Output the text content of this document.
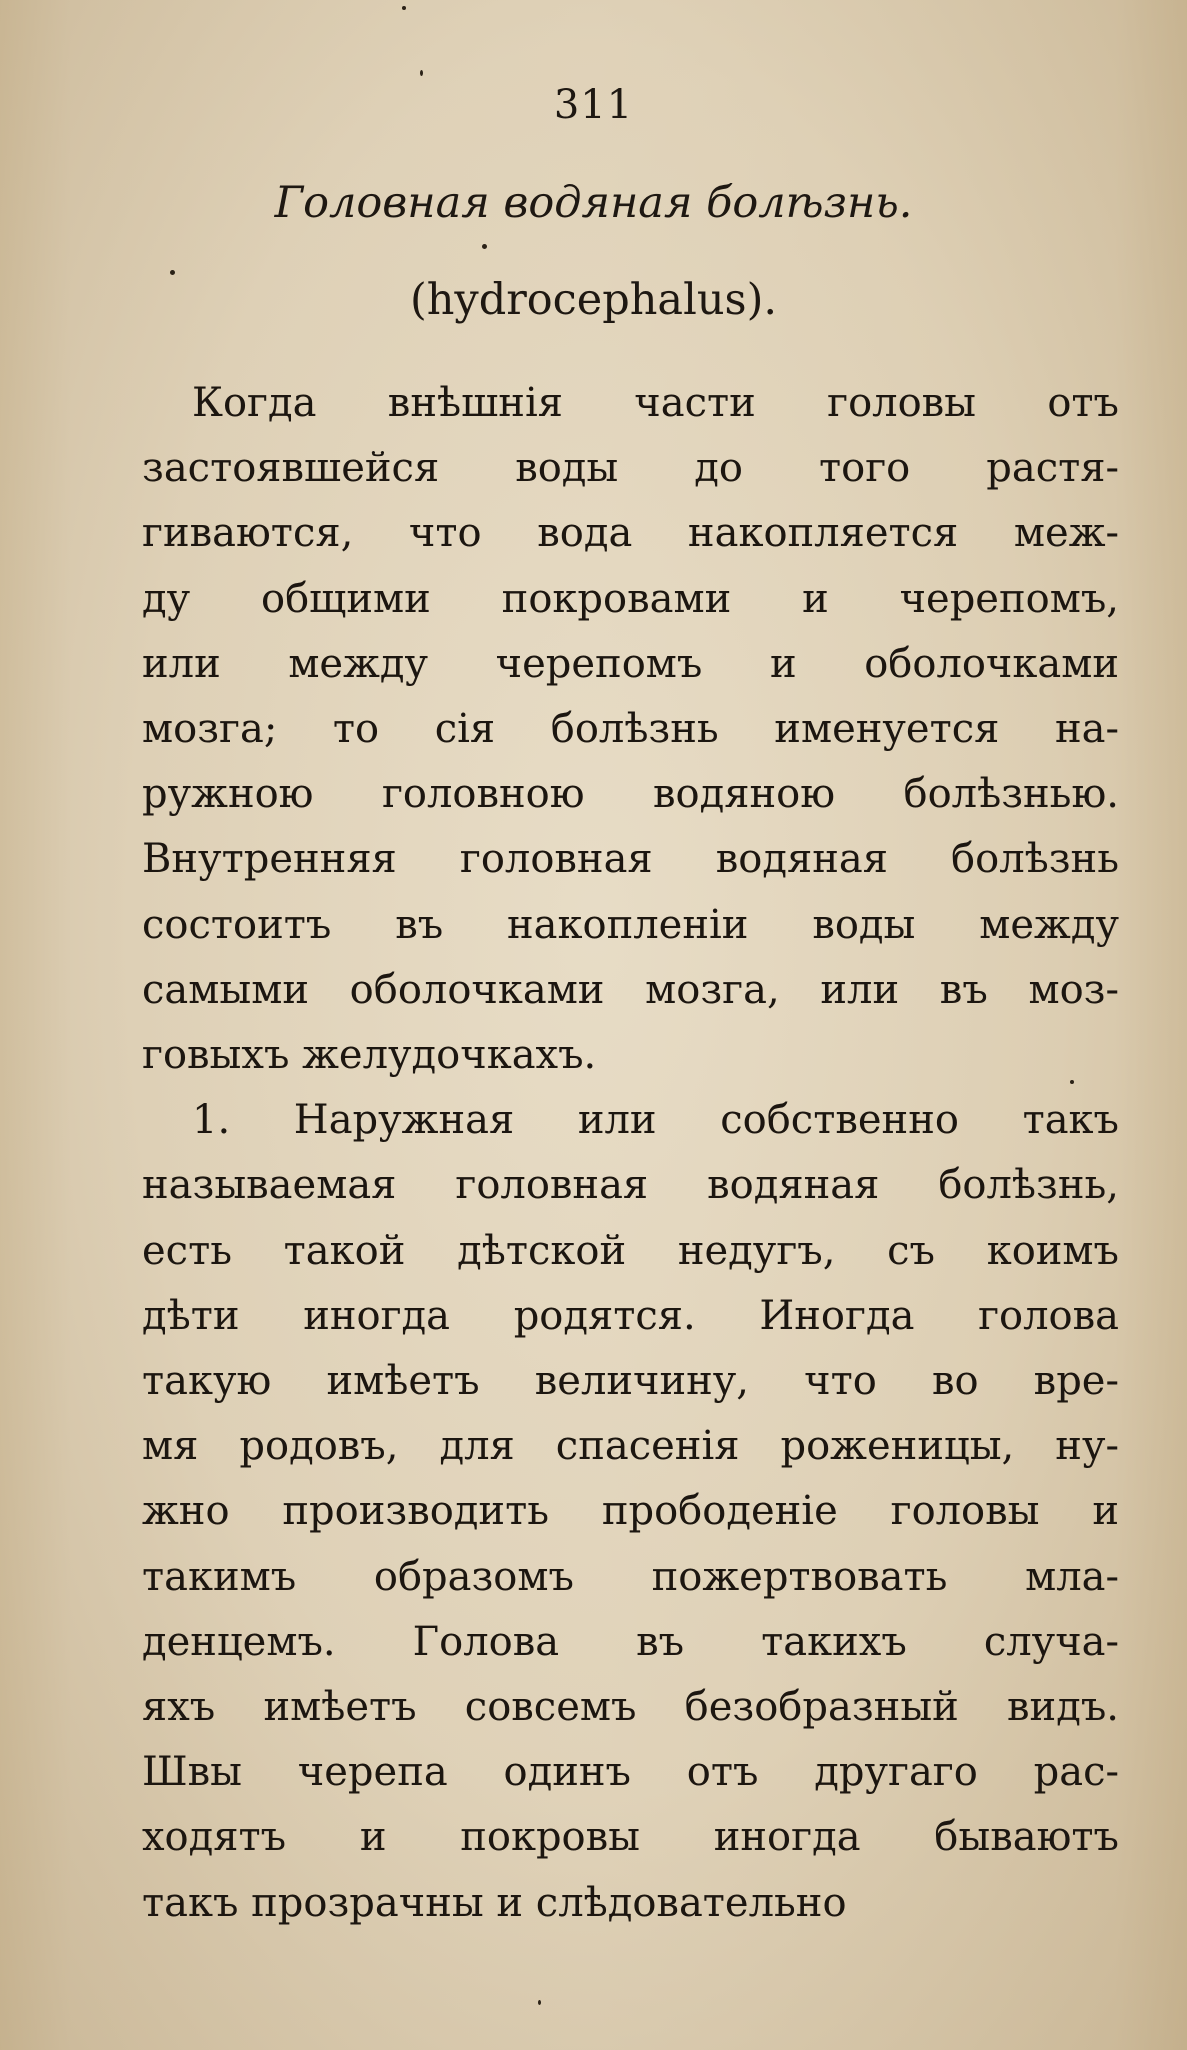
311
Головная водяная болѣзнь.
(hydrocephalus).
Когда внѣшнія части головы отъ
застоявшейся воды до того растя-
гиваются, что вода накопляется меж-
ду общими покровами и черепомъ,
или между черепомъ и оболочками
мозга; то сія болѣзнь именуется на-
ружною головною водяною болѣзнью.
Внутренняя головная водяная болѣзнь
состоитъ въ накопленіи воды между
самыми оболочками мозга, или въ моз-
говыхъ желудочкахъ.
1. Наружная или собственно такъ
называемая головная водяная болѣзнь,
есть такой дѣтской недугъ, съ коимъ
дѣти иногда родятся. Иногда голова
такую имѣетъ величину, что во вре-
мя родовъ, для спасенія роженицы, ну-
жно производить прободеніе головы и
такимъ образомъ пожертвовать мла-
денцемъ. Голова въ такихъ случа-
яхъ имѣетъ совсемъ безобразный видъ.
Швы черепа одинъ отъ другаго рас-
ходятъ и покровы иногда бываютъ
такъ прозрачны и слѣдовательно
